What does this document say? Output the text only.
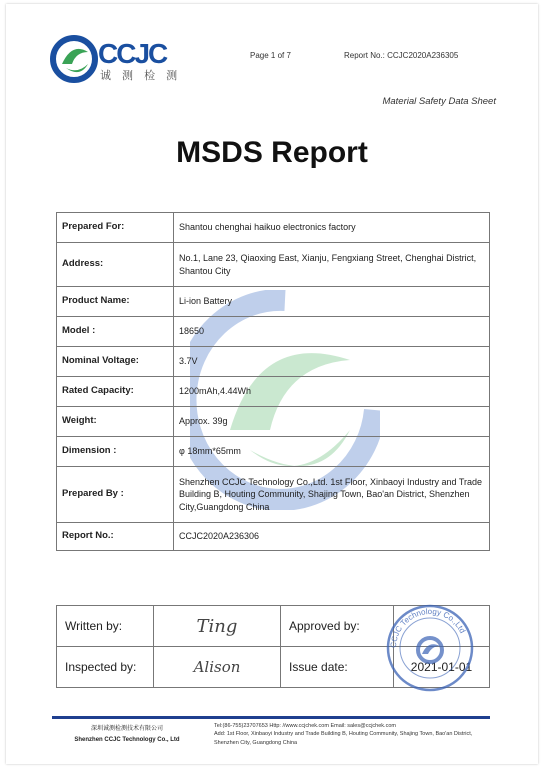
CCJC
诚 测 检 测
Page 1 of 7	Report No.: CCJC2020A236305
Material Safety Data Sheet
MSDS Report
Prepared For:	Shantou chenghai haikuo electronics factory
Address:	No.1, Lane 23, Qiaoxing East, Xianju, Fengxiang Street, Chenghai District, Shantou City
Product Name:	Li-ion Battery
Model :	18650
Nominal Voltage:	3.7V
Rated Capacity:	1200mAh,4.44Wh
Weight:	Approx. 39g
Dimension :	φ 18mm*65mm
Prepared By :	Shenzhen CCJC Technology Co.,Ltd. 1st Floor, Xinbaoyi Industry and Trade Building B, Houting Community, Shajing Town, Bao'an District, Shenzhen City,Guangdong China
Report No.:	CCJC2020A236306
Written by:	Ting	Approved by:	
Inspected by:	Alison	Issue date:	2021-01-01
CCJC Technology Co.,Ltd
深圳诚测检测技术有限公司
Shenzhen CCJC Technology Co., Ltd
Tel:(86-755)23707653 Http: //www.ccjchek.com Email: sales@ccjchek.com
Add: 1st Floor, Xinbaoyi Industry and Trade Building B, Houting Community, Shajing Town, Bao'an District, Shenzhen City, Guangdong China
